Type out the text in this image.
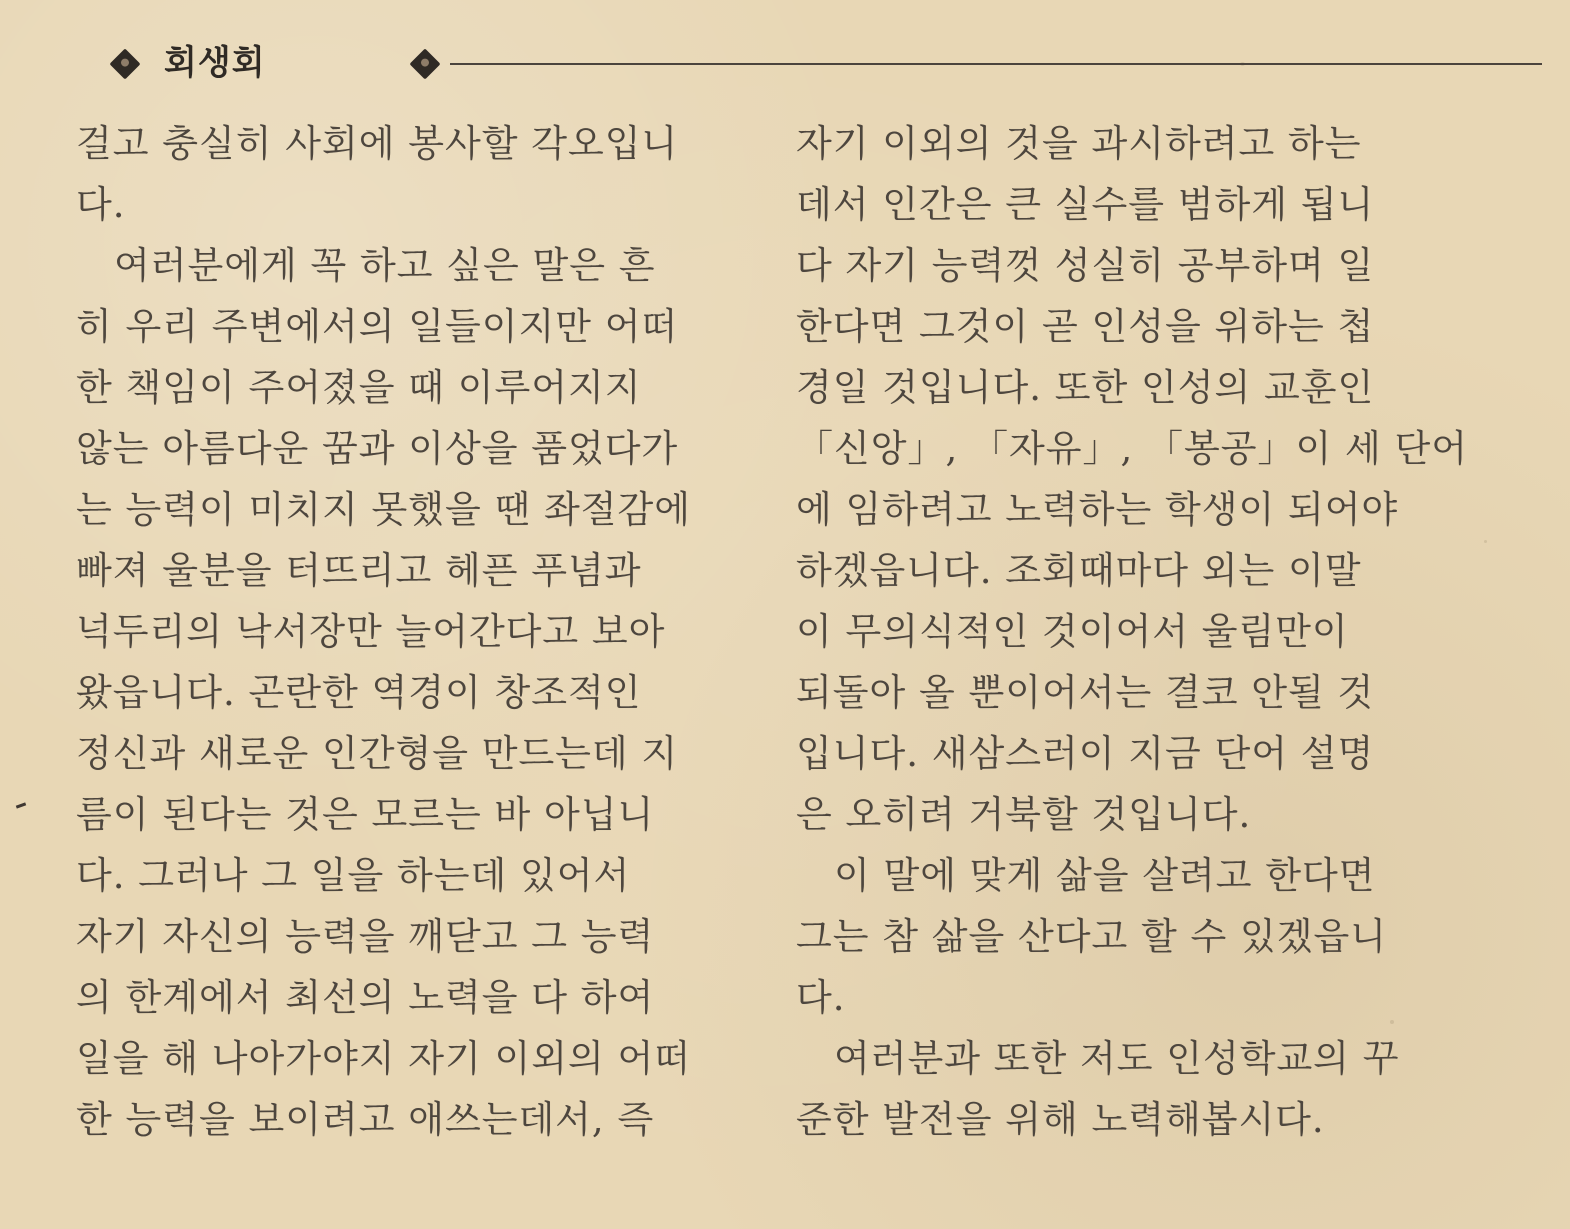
회생회
걸고 충실히 사회에 봉사할 각오입니
다.
여러분에게 꼭 하고 싶은 말은 흔
히 우리 주변에서의 일들이지만 어떠
한 책임이 주어졌을 때 이루어지지
않는 아름다운 꿈과 이상을 품었다가
는 능력이 미치지 못했을 땐 좌절감에
빠져 울분을 터뜨리고 헤픈 푸념과
넉두리의 낙서장만 늘어간다고 보아
왔읍니다. 곤란한 역경이 창조적인
정신과 새로운 인간형을 만드는데 지
름이 된다는 것은 모르는 바 아닙니
다. 그러나 그 일을 하는데 있어서
자기 자신의 능력을 깨닫고 그 능력
의 한계에서 최선의 노력을 다 하여
일을 해 나아가야지 자기 이외의 어떠
한 능력을 보이려고 애쓰는데서, 즉
자기 이외의 것을 과시하려고 하는
데서 인간은 큰 실수를 범하게 됩니
다 자기 능력껏 성실히 공부하며 일
한다면 그것이 곧 인성을 위하는 첩
경일 것입니다. 또한 인성의 교훈인
「신앙」, 「자유」, 「봉공」이 세 단어
에 임하려고 노력하는 학생이 되어야
하겠읍니다. 조회때마다 외는 이말
이 무의식적인 것이어서 울림만이
되돌아 올 뿐이어서는 결코 안될 것
입니다. 새삼스러이 지금 단어 설명
은 오히려 거북할 것입니다.
이 말에 맞게 삶을 살려고 한다면
그는 참 삶을 산다고 할 수 있겠읍니
다.
여러분과 또한 저도 인성학교의 꾸
준한 발전을 위해 노력해봅시다.
